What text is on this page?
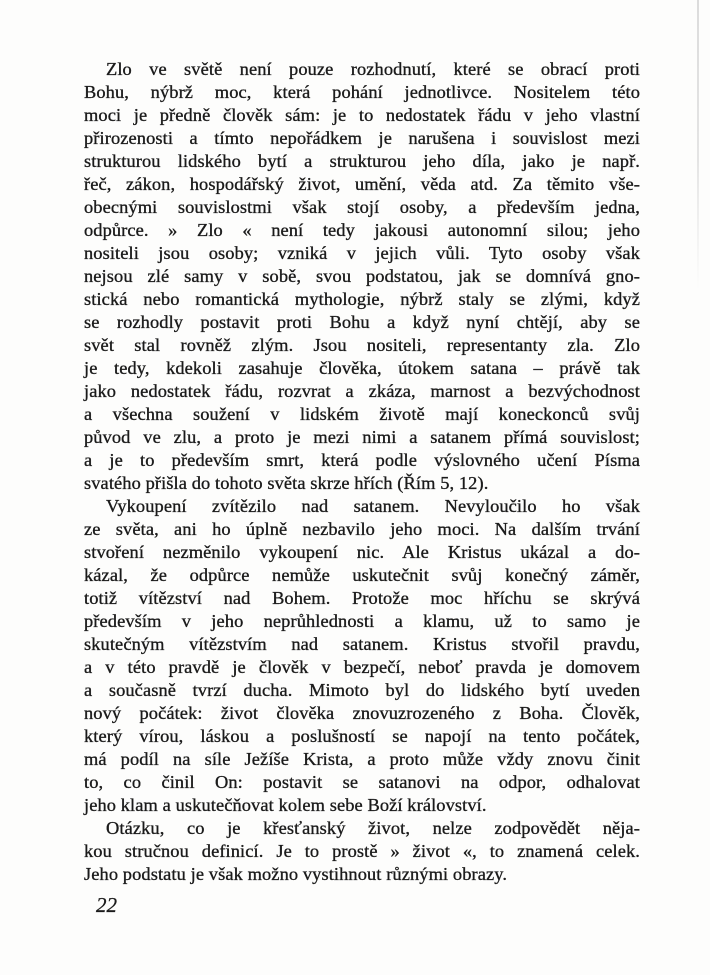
Zlo ve světě není pouze rozhodnutí, které se obrací proti
Bohu, nýbrž moc, která pohání jednotlivce. Nositelem této
moci je předně člověk sám: je to nedostatek řádu v jeho vlastní
přirozenosti a tímto nepořádkem je narušena i souvislost mezi
strukturou lidského bytí a strukturou jeho díla, jako je např.
řeč, zákon, hospodářský život, umění, věda atd. Za těmito vše-
obecnými souvislostmi však stojí osoby, a především jedna,
odpůrce. » Zlo « není tedy jakousi autonomní silou; jeho
nositeli jsou osoby; vzniká v jejich vůli. Tyto osoby však
nejsou zlé samy v sobě, svou podstatou, jak se domnívá gno-
stická nebo romantická mythologie, nýbrž staly se zlými, když
se rozhodly postavit proti Bohu a když nyní chtějí, aby se
svět stal rovněž zlým. Jsou nositeli, representanty zla. Zlo
je tedy, kdekoli zasahuje člověka, útokem satana – právě tak
jako nedostatek řádu, rozvrat a zkáza, marnost a bezvýchodnost
a všechna soužení v lidském životě mají koneckonců svůj
původ ve zlu, a proto je mezi nimi a satanem přímá souvislost;
a je to především smrt, která podle výslovného učení Písma
svatého přišla do tohoto světa skrze hřích (Řím 5, 12).
Vykoupení zvítězilo nad satanem. Nevyloučilo ho však
ze světa, ani ho úplně nezbavilo jeho moci. Na dalším trvání
stvoření nezměnilo vykoupení nic. Ale Kristus ukázal a do-
kázal, že odpůrce nemůže uskutečnit svůj konečný záměr,
totiž vítězství nad Bohem. Protože moc hříchu se skrývá
především v jeho neprůhlednosti a klamu, už to samo je
skutečným vítězstvím nad satanem. Kristus stvořil pravdu,
a v této pravdě je člověk v bezpečí, neboť pravda je domovem
a současně tvrzí ducha. Mimoto byl do lidského bytí uveden
nový počátek: život člověka znovuzrozeného z Boha. Člověk,
který vírou, láskou a poslušností se napojí na tento počátek,
má podíl na síle Ježíše Krista, a proto může vždy znovu činit
to, co činil On: postavit se satanovi na odpor, odhalovat
jeho klam a uskutečňovat kolem sebe Boží království.
Otázku, co je křesťanský život, nelze zodpovědět něja-
kou stručnou definicí. Je to prostě » život «, to znamená celek.
Jeho podstatu je však možno vystihnout různými obrazy.
22
